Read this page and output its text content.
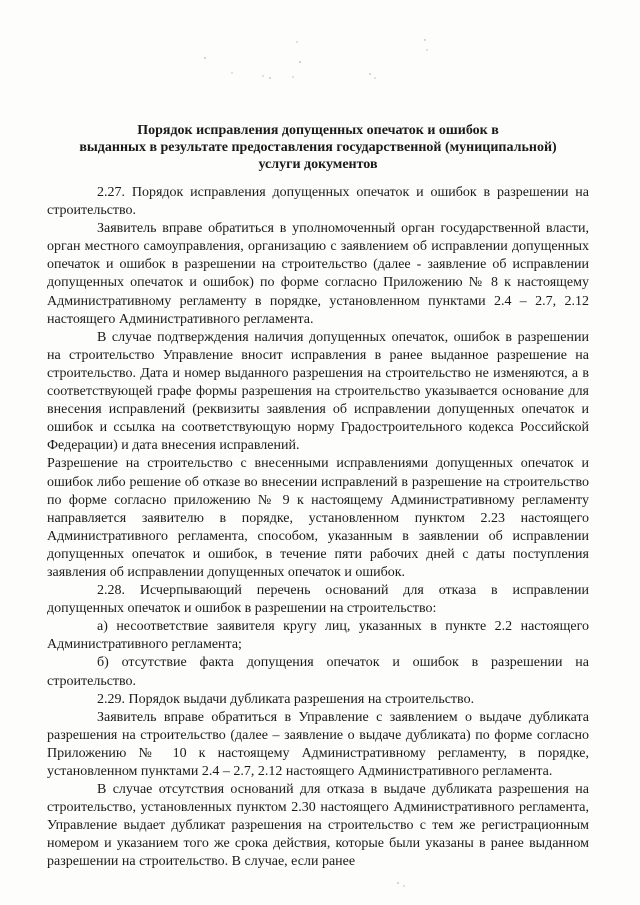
Порядок исправления допущенных опечаток и ошибок в
выданных в результате предоставления государственной (муниципальной)
услуги документов

2.27. Порядок исправления допущенных опечаток и ошибок в разрешении на строительство.

Заявитель вправе обратиться в уполномоченный орган государственной власти, орган местного самоуправления, организацию с заявлением об исправлении допущенных опечаток и ошибок в разрешении на строительство (далее - заявление об исправлении допущенных опечаток и ошибок) по форме согласно Приложению № 8 к настоящему Административному регламенту в порядке, установленном пунктами 2.4 – 2.7, 2.12 настоящего Административного регламента.

В случае подтверждения наличия допущенных опечаток, ошибок в разрешении на строительство Управление вносит исправления в ранее выданное разрешение на строительство. Дата и номер выданного разрешения на строительство не изменяются, а в соответствующей графе формы разрешения на строительство указывается основание для внесения исправлений (реквизиты заявления об исправлении допущенных опечаток и ошибок и ссылка на соответствующую норму Градостроительного кодекса Российской Федерации) и дата внесения исправлений.

Разрешение на строительство с внесенными исправлениями допущенных опечаток и ошибок либо решение об отказе во внесении исправлений в разрешение на строительство по форме согласно приложению № 9 к настоящему Административному регламенту направляется заявителю в порядке, установленном пунктом 2.23 настоящего Административного регламента, способом, указанным в заявлении об исправлении допущенных опечаток и ошибок, в течение пяти рабочих дней с даты поступления заявления об исправлении допущенных опечаток и ошибок.

2.28. Исчерпывающий перечень оснований для отказа в исправлении допущенных опечаток и ошибок в разрешении на строительство:

а) несоответствие заявителя кругу лиц, указанных в пункте 2.2 настоящего Административного регламента;

б) отсутствие факта допущения опечаток и ошибок в разрешении на строительство.

2.29. Порядок выдачи дубликата разрешения на строительство.

Заявитель вправе обратиться в Управление с заявлением о выдаче дубликата разрешения на строительство (далее – заявление о выдаче дубликата) по форме согласно Приложению № 10 к настоящему Административному регламенту, в порядке, установленном пунктами 2.4 – 2.7, 2.12 настоящего Административного регламента.

В случае отсутствия оснований для отказа в выдаче дубликата разрешения на строительство, установленных пунктом 2.30 настоящего Административного регламента, Управление выдает дубликат разрешения на строительство с тем же регистрационным номером и указанием того же срока действия, которые были указаны в ранее выданном разрешении на строительство. В случае, если ранее
